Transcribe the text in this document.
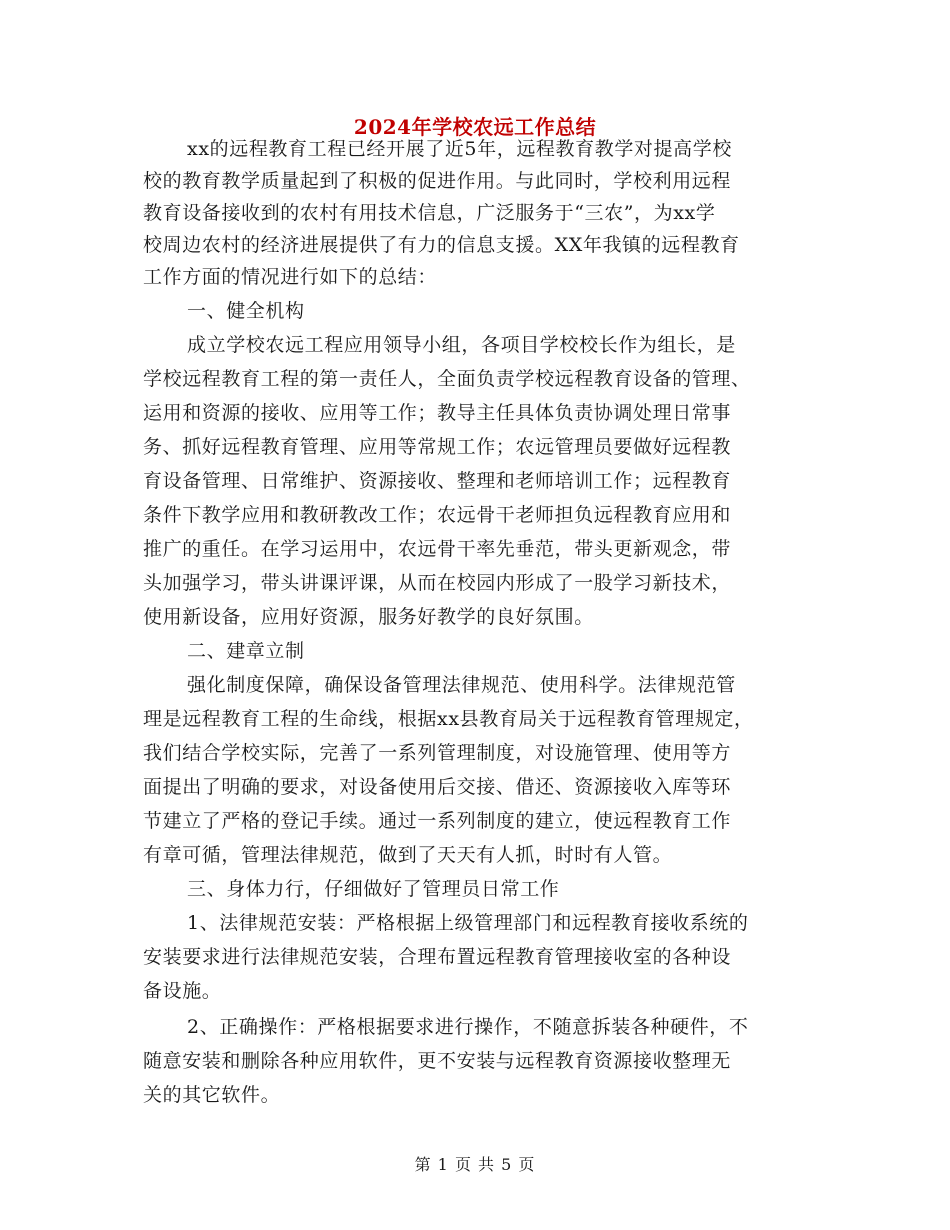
2024年学校农远工作总结
xx的远程教育工程已经开展了近5年，远程教育教学对提高学校
校的教育教学质量起到了积极的促进作用。与此同时，学校利用远程
教育设备接收到的农村有用技术信息，广泛服务于“三农”，为xx学
校周边农村的经济进展提供了有力的信息支援。XX年我镇的远程教育
工作方面的情况进行如下的总结：
一、健全机构
成立学校农远工程应用领导小组，各项目学校校长作为组长，是
学校远程教育工程的第一责任人，全面负责学校远程教育设备的管理、
运用和资源的接收、应用等工作；教导主任具体负责协调处理日常事
务、抓好远程教育管理、应用等常规工作；农远管理员要做好远程教
育设备管理、日常维护、资源接收、整理和老师培训工作；远程教育
条件下教学应用和教研教改工作；农远骨干老师担负远程教育应用和
推广的重任。在学习运用中，农远骨干率先垂范，带头更新观念，带
头加强学习，带头讲课评课，从而在校园内形成了一股学习新技术，
使用新设备，应用好资源，服务好教学的良好氛围。
二、建章立制
强化制度保障，确保设备管理法律规范、使用科学。法律规范管
理是远程教育工程的生命线，根据xx县教育局关于远程教育管理规定，
我们结合学校实际，完善了一系列管理制度，对设施管理、使用等方
面提出了明确的要求，对设备使用后交接、借还、资源接收入库等环
节建立了严格的登记手续。通过一系列制度的建立，使远程教育工作
有章可循，管理法律规范，做到了天天有人抓，时时有人管。
三、身体力行，仔细做好了管理员日常工作
1、法律规范安装：严格根据上级管理部门和远程教育接收系统的
安装要求进行法律规范安装，合理布置远程教育管理接收室的各种设
备设施。
2、正确操作：严格根据要求进行操作，不随意拆装各种硬件，不
随意安装和删除各种应用软件，更不安装与远程教育资源接收整理无
关的其它软件。
第 1 页 共 5 页
